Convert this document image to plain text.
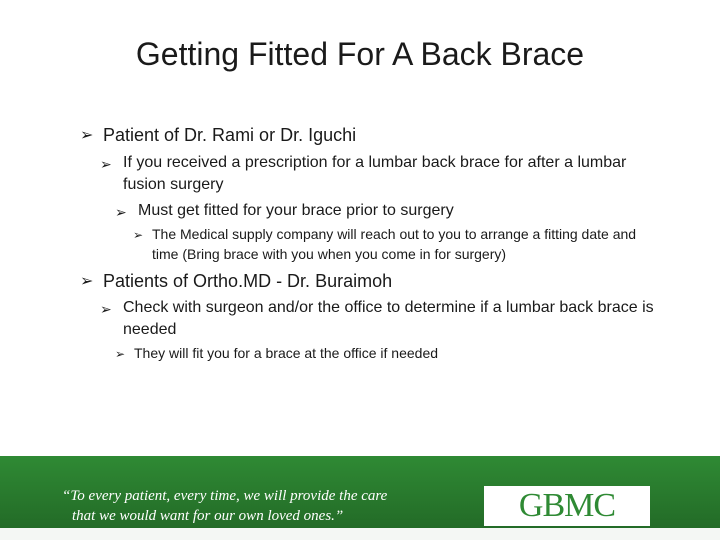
Getting Fitted For A Back Brace
➢ Patient of Dr. Rami or Dr. Iguchi
➢ If you received a prescription for a lumbar back brace for after a lumbar fusion surgery
➢ Must get fitted for your brace prior to surgery
➢ The Medical supply company will reach out to you to arrange a fitting date and time (Bring brace with you when you come in for surgery)
➢ Patients of Ortho.MD - Dr. Buraimoh
➢ Check with surgeon and/or the office to determine if a lumbar back brace is needed
➢ They will fit you for a brace at the office if needed
“To every patient, every time, we will provide the care
that we would want for our own loved ones.”	GBMC
